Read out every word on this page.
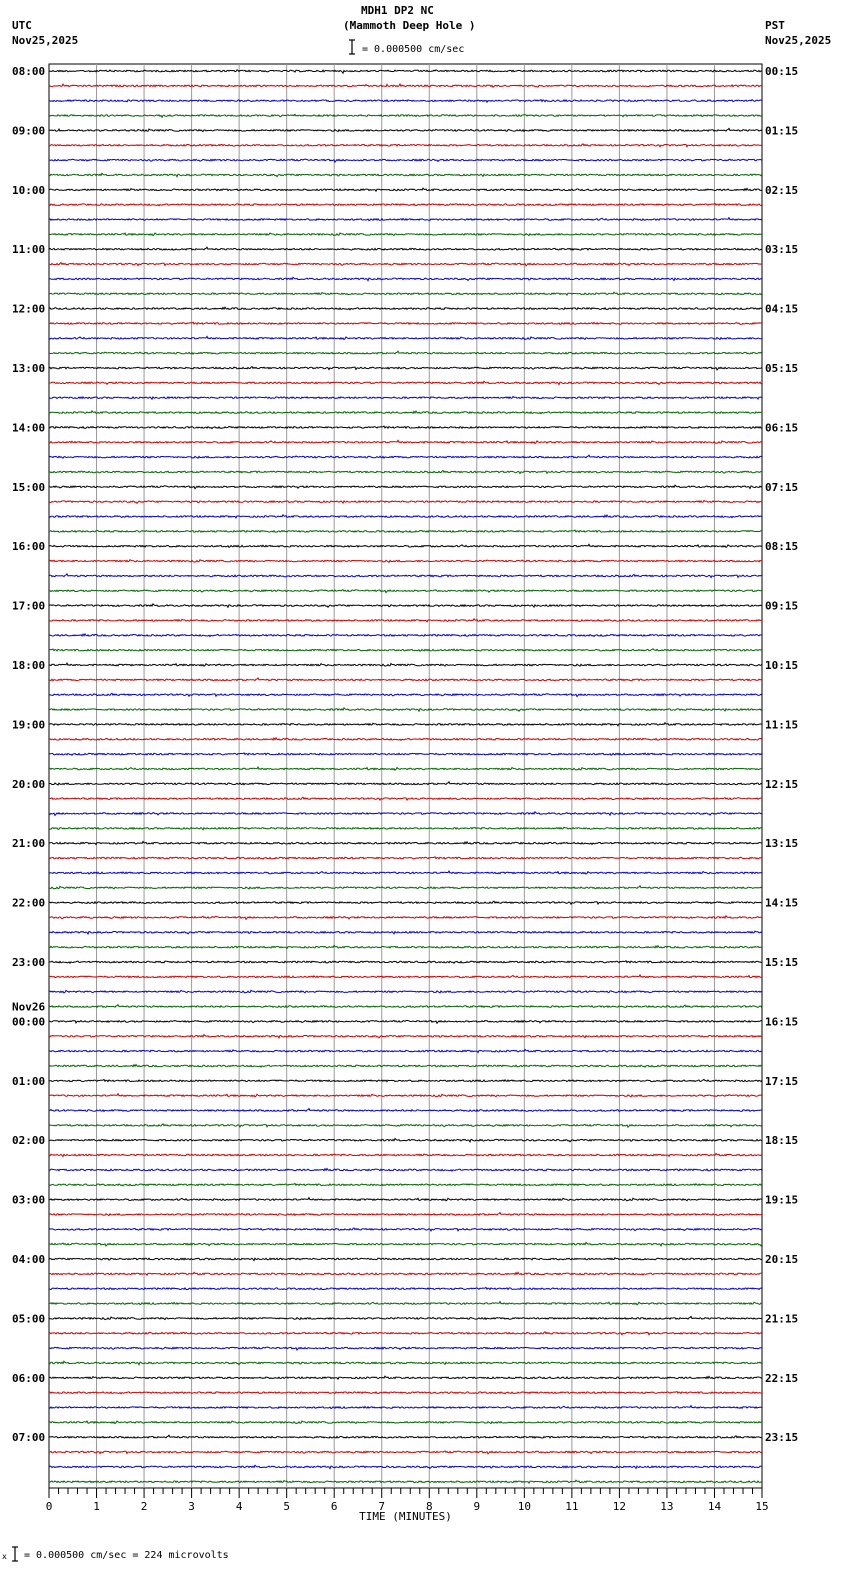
MDH1 DP2 NC
(Mammoth Deep Hole )
UTC
Nov25,2025
PST
Nov25,2025
= 0.000500 cm/sec
0	1	2	3	4	5	6	7	8	9	10	11	12	13	14	15
TIME (MINUTES)
08:00
09:00
10:00
11:00
12:00
13:00
14:00
15:00
16:00
17:00
18:00
19:00
20:00
21:00
22:00
23:00
00:00
01:00
02:00
03:00
04:00
05:00
06:00
07:00
00:15
01:15
02:15
03:15
04:15
05:15
06:15
07:15
08:15
09:15
10:15
11:15
12:15
13:15
14:15
15:15
16:15
17:15
18:15
19:15
20:15
21:15
22:15
23:15
Nov26
x = 0.000500 cm/sec = 224 microvolts
